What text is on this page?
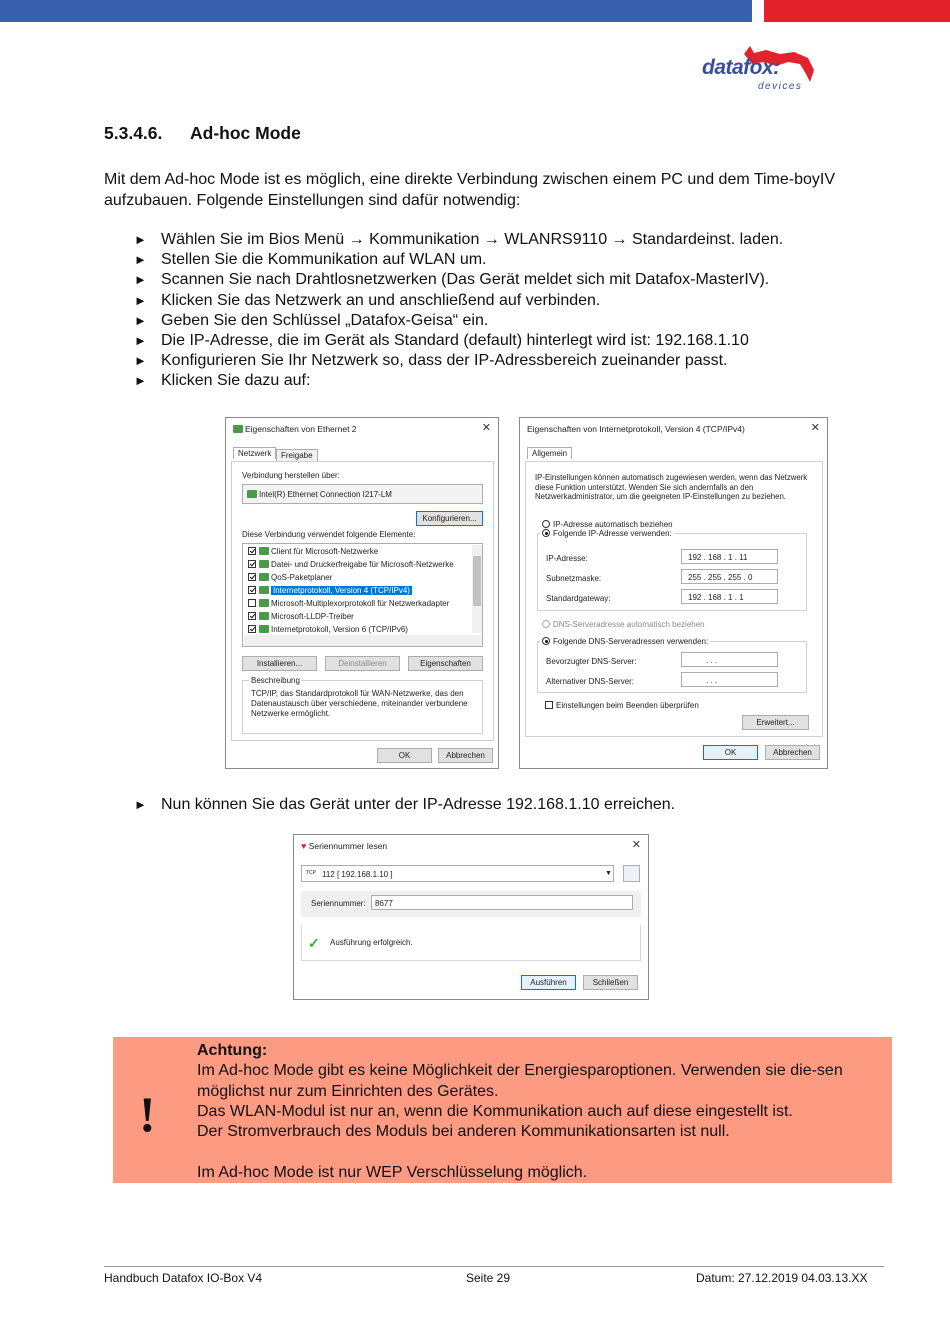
datafox:
devices
5.3.4.6. Ad-hoc Mode

Mit dem Ad-hoc Mode ist es möglich, eine direkte Verbindung zwischen einem PC und dem Time-boyIV aufzubauen. Folgende Einstellungen sind dafür notwendig:

► Wählen Sie im Bios Menü → Kommunikation → WLANRS9110 → Standardeinst. laden.
► Stellen Sie die Kommunikation auf WLAN um.
► Scannen Sie nach Drahtlosnetzwerken (Das Gerät meldet sich mit Datafox-MasterIV).
► Klicken Sie das Netzwerk an und anschließend auf verbinden.
► Geben Sie den Schlüssel „Datafox-Geisa“ ein.
► Die IP-Adresse, die im Gerät als Standard (default) hinterlegt wird ist: 192.168.1.10
► Konfigurieren Sie Ihr Netzwerk so, dass der IP-Adressbereich zueinander passt.
► Klicken Sie dazu auf:
Eigenschaften von Ethernet 2	✕
Netzwerk	Freigabe
Verbindung herstellen über:
Intel(R) Ethernet Connection I217-LM
Konfigurieren...
Diese Verbindung verwendet folgende Elemente:
Client für Microsoft-Netzwerke
Datei- und Druckerfreigabe für Microsoft-Netzwerke
QoS-Paketplaner
Internetprotokoll, Version 4 (TCP/IPv4)
Microsoft-Multiplexorprotokoll für Netzwerkadapter
Microsoft-LLDP-Treiber
Internetprotokoll, Version 6 (TCP/IPv6)
Installieren...	Deinstallieren	Eigenschaften
Beschreibung
TCP/IP, das Standardprotokoll für WAN-Netzwerke, das den Datenaustausch über verschiedene, miteinander verbundene Netzwerke ermöglicht.
OK	Abbrechen
Eigenschaften von Internetprotokoll, Version 4 (TCP/IPv4)	✕
Allgemein
IP-Einstellungen können automatisch zugewiesen werden, wenn das Netzwerk diese Funktion unterstützt. Wenden Sie sich andernfalls an den Netzwerkadministrator, um die geeigneten IP-Einstellungen zu beziehen.
IP-Adresse automatisch beziehen
Folgende IP-Adresse verwenden:
IP-Adresse:	192 . 168 . 1 . 11
Subnetzmaske:	255 . 255 . 255 . 0
Standardgateway:	192 . 168 . 1 . 1
DNS-Serveradresse automatisch beziehen
Folgende DNS-Serveradressen verwenden:
Bevorzugter DNS-Server:	. . .
Alternativer DNS-Server:	. . .
Einstellungen beim Beenden überprüfen
Erweitert...
OK	Abbrechen
► Nun können Sie das Gerät unter der IP-Adresse 192.168.1.10 erreichen.
♥ Seriennummer lesen	✕
TCP 112 [ 192.168.1.10 ]	▼
Seriennummer: 8677
✓ Ausführung erfolgreich.
Ausführen	Schließen
!
Achtung:
Im Ad-hoc Mode gibt es keine Möglichkeit der Energiesparoptionen. Verwenden sie die-sen möglichst nur zum Einrichten des Gerätes.
Das WLAN-Modul ist nur an, wenn die Kommunikation auch auf diese eingestellt ist.
Der Stromverbrauch des Moduls bei anderen Kommunikationsarten ist null.
Im Ad-hoc Mode ist nur WEP Verschlüsselung möglich.
Handbuch Datafox IO-Box V4	Seite 29	Datum: 27.12.2019 04.03.13.XX
